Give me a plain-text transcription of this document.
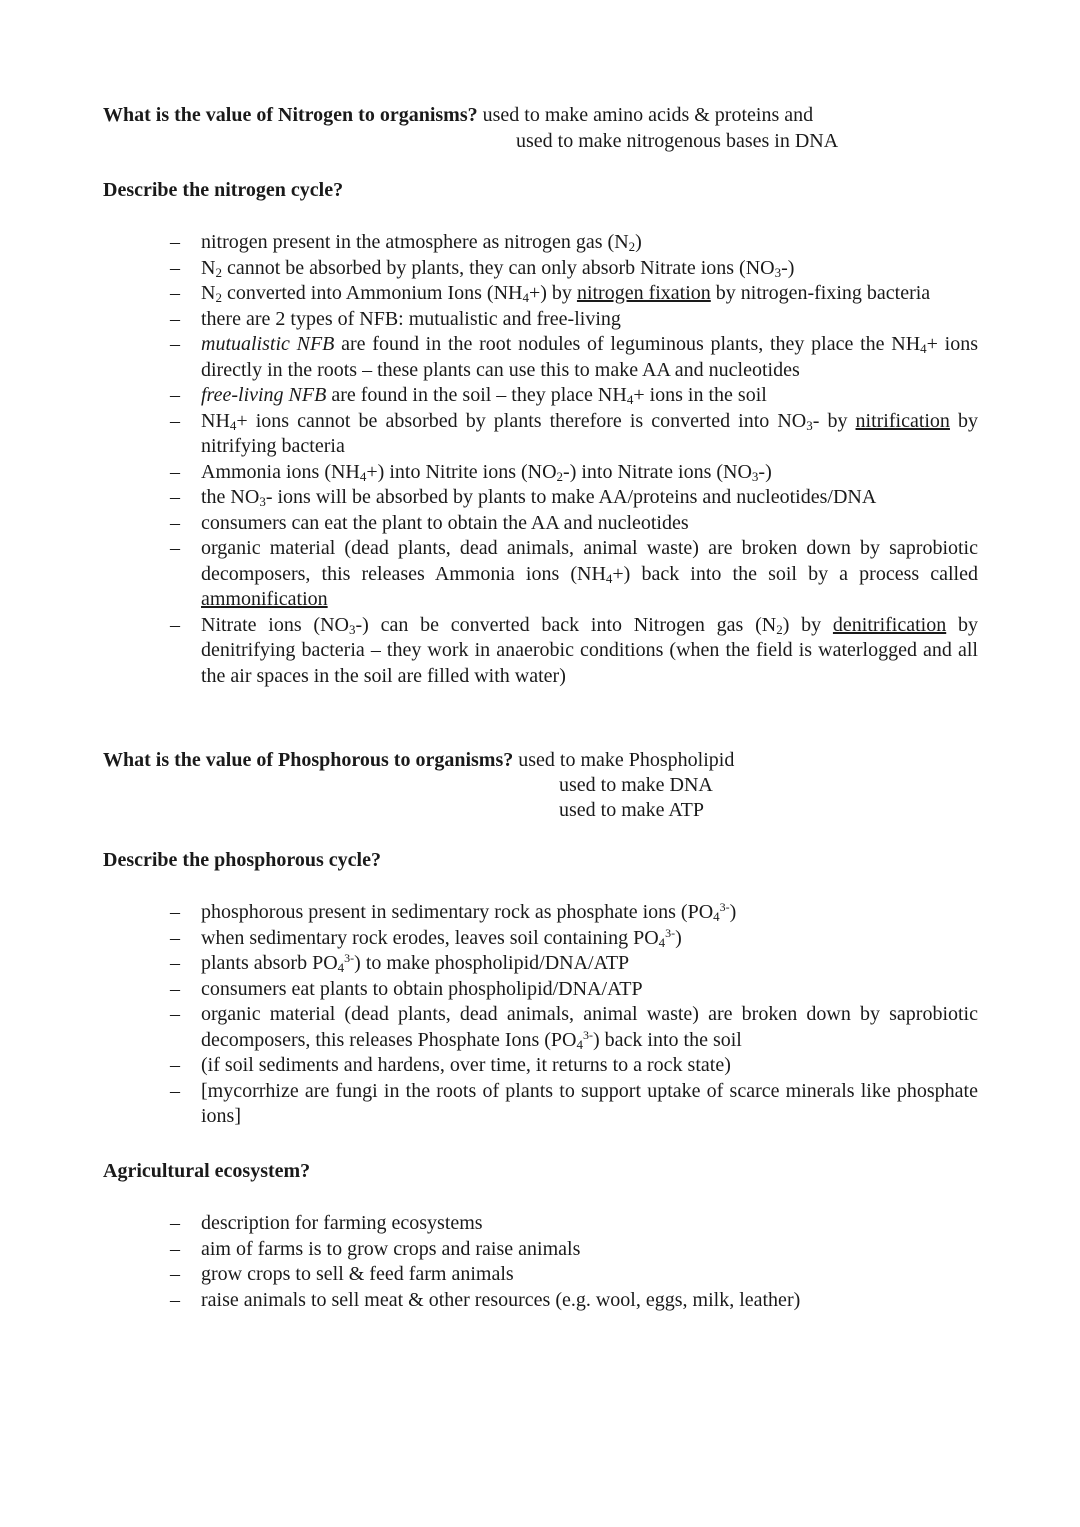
What is the value of Nitrogen to organisms? used to make amino acids & proteins and
used to make nitrogenous bases in DNA
Describe the nitrogen cycle?
– nitrogen present in the atmosphere as nitrogen gas $(N_2)$
– $N_2$ cannot be absorbed by plants, they can only absorb Nitrate ions $(NO_3-)$
– $N_2$ converted into Ammonium Ions $(NH_4+)$ by nitrogen fixation by nitrogen-fixing bacteria
– there are 2 types of NFB: mutualistic and free-living
– mutualistic NFB are found in the root nodules of leguminous plants, they place the $NH_4+$ ions directly in the roots – these plants can use this to make AA and nucleotides
– free-living NFB are found in the soil – they place $NH_4+$ ions in the soil
– $NH_4+$ ions cannot be absorbed by plants therefore is converted into $NO_3-$ by nitrification by nitrifying bacteria
– Ammonia ions $(NH_4+)$ into Nitrite ions $(NO_2-)$ into Nitrate ions $(NO_3-)$
– the $NO_3-$ ions will be absorbed by plants to make AA/proteins and nucleotides/DNA
– consumers can eat the plant to obtain the AA and nucleotides
– organic material (dead plants, dead animals, animal waste) are broken down by saprobiotic decomposers, this releases Ammonia ions $(NH_4+)$ back into the soil by a process called ammonification
– Nitrate ions $(NO_3-)$ can be converted back into Nitrogen gas $(N_2)$ by denitrification by denitrifying bacteria – they work in anaerobic conditions (when the field is waterlogged and all the air spaces in the soil are filled with water)
What is the value of Phosphorous to organisms? used to make Phospholipid
used to make DNA
used to make ATP
Describe the phosphorous cycle?
– phosphorous present in sedimentary rock as phosphate ions $(PO_4^{3-})$
– when sedimentary rock erodes, leaves soil containing $PO_4^{3-}$)
– plants absorb $PO_4^{3-}$) to make phospholipid/DNA/ATP
– consumers eat plants to obtain phospholipid/DNA/ATP
– organic material (dead plants, dead animals, animal waste) are broken down by saprobiotic decomposers, this releases Phosphate Ions $(PO_4^{3-})$ back into the soil
– (if soil sediments and hardens, over time, it returns to a rock state)
– [mycorrhize are fungi in the roots of plants to support uptake of scarce minerals like phosphate ions]
Agricultural ecosystem?
– description for farming ecosystems
– aim of farms is to grow crops and raise animals
– grow crops to sell & feed farm animals
– raise animals to sell meat & other resources (e.g. wool, eggs, milk, leather)
